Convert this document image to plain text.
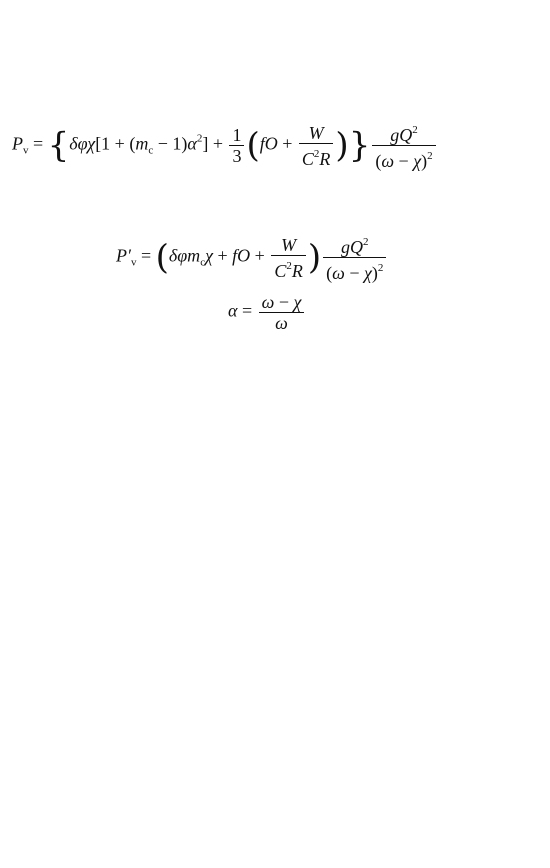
$P_v = \{\delta\varphi\chi[1 + (m_c - 1)\alpha^2] + \frac{1}{3} (fO + \frac{W}{C^2R}$ )} $\frac{gQ^2}{(\omega - \chi)^2}$
$P'_v = (\delta\varphi m_c\chi$ + fO + $\frac{W}{C^2R}$ ) $\frac{gQ^2}{(\omega - \chi)^2}$
$\alpha = \frac{\omega - \chi}{\omega}$
